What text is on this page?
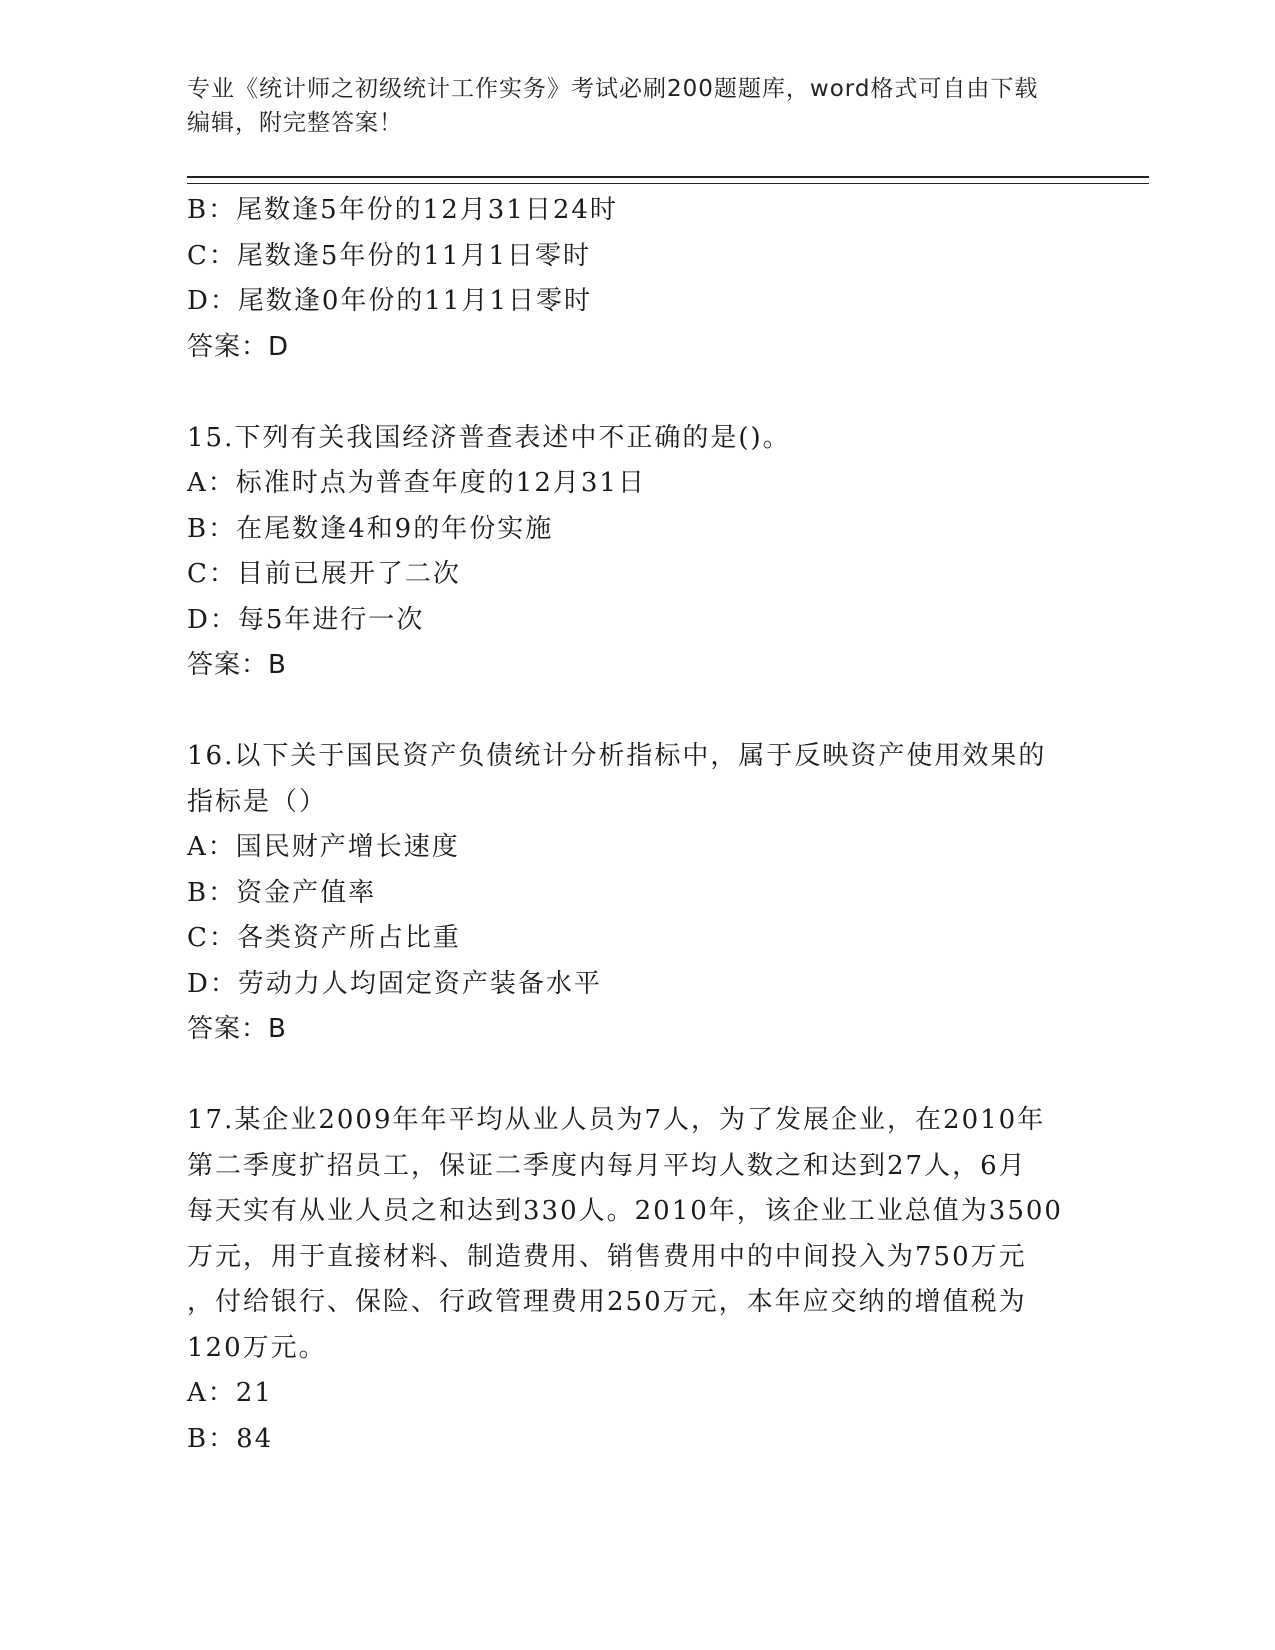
专业《统计师之初级统计工作实务》考试必刷200题题库，word格式可自由下载
编辑，附完整答案！
B：尾数逢5年份的12月31日24时
C：尾数逢5年份的11月1日零时
D：尾数逢0年份的11月1日零时
答案：D
15.下列有关我国经济普查表述中不正确的是()。
A：标准时点为普查年度的12月31日
B：在尾数逢4和9的年份实施
C：目前已展开了二次
D：每5年进行一次
答案：B
16.以下关于国民资产负债统计分析指标中，属于反映资产使用效果的
指标是（）
A：国民财产增长速度
B：资金产值率
C：各类资产所占比重
D：劳动力人均固定资产装备水平
答案：B
17.某企业2009年年平均从业人员为7人，为了发展企业，在2010年
第二季度扩招员工，保证二季度内每月平均人数之和达到27人，6月
每天实有从业人员之和达到330人。2010年，该企业工业总值为3500
万元，用于直接材料、制造费用、销售费用中的中间投入为750万元
，付给银行、保险、行政管理费用250万元，本年应交纳的增值税为
120万元。
A：21
B：84
